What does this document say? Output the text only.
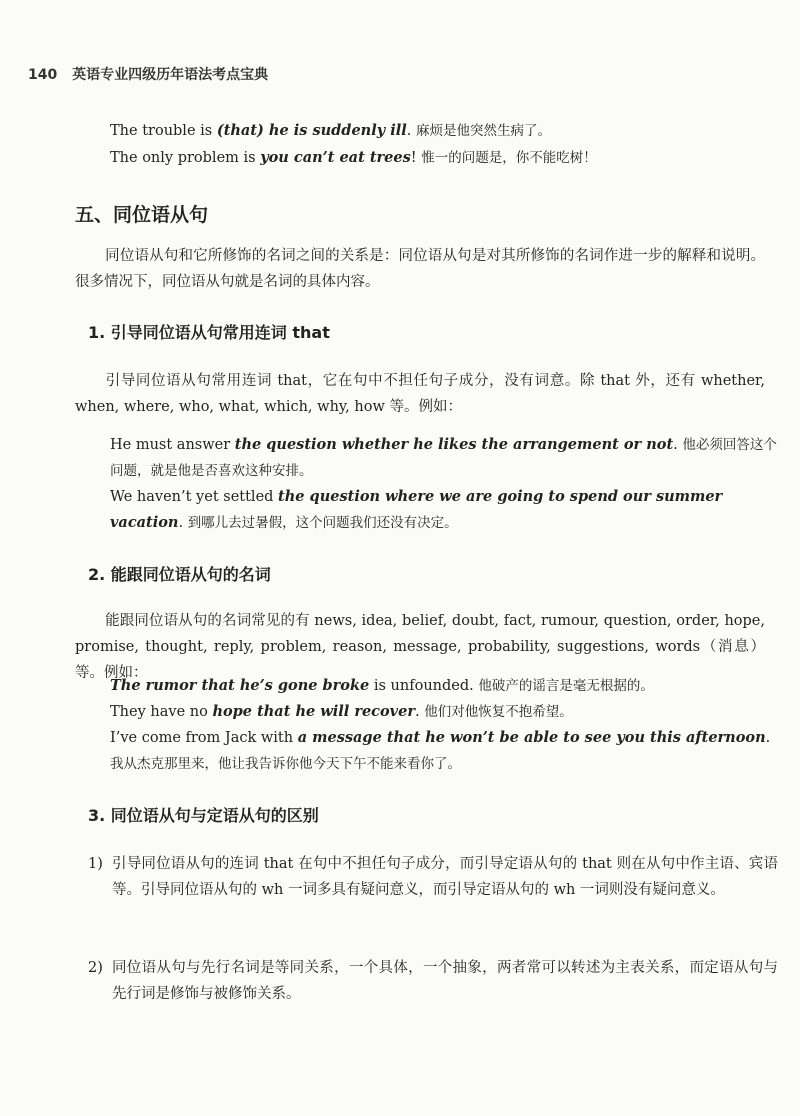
140 英语专业四级历年语法考点宝典
The trouble is (that) he is suddenly ill. 麻烦是他突然生病了。
The only problem is you can’t eat trees! 惟一的问题是，你不能吃树！
五、同位语从句
同位语从句和它所修饰的名词之间的关系是：同位语从句是对其所修饰的名词作进一步的解释和说明。很多情况下，同位语从句就是名词的具体内容。
1. 引导同位语从句常用连词 that
引导同位语从句常用连词 that，它在句中不担任句子成分，没有词意。除 that 外，还有 whether, when, where, who, what, which, why, how 等。例如：
He must answer the question whether he likes the arrangement or not. 他必须回答这个问题，就是他是否喜欢这种安排。
We haven’t yet settled the question where we are going to spend our summer vacation. 到哪儿去过暑假，这个问题我们还没有决定。
2. 能跟同位语从句的名词
能跟同位语从句的名词常见的有 news, idea, belief, doubt, fact, rumour, question, order, hope, promise, thought, reply, problem, reason, message, probability, suggestions, words（消息）等。例如：
The rumor that he’s gone broke is unfounded. 他破产的谣言是毫无根据的。
They have no hope that he will recover. 他们对他恢复不抱希望。
I’ve come from Jack with a message that he won’t be able to see you this afternoon. 我从杰克那里来，他让我告诉你他今天下午不能来看你了。
3. 同位语从句与定语从句的区别
1) 引导同位语从句的连词 that 在句中不担任句子成分，而引导定语从句的 that 则在从句中作主语、宾语等。引导同位语从句的 wh 一词多具有疑问意义，而引导定语从句的 wh 一词则没有疑问意义。
2) 同位语从句与先行名词是等同关系，一个具体，一个抽象，两者常可以转述为主表关系，而定语从句与先行词是修饰与被修饰关系。
